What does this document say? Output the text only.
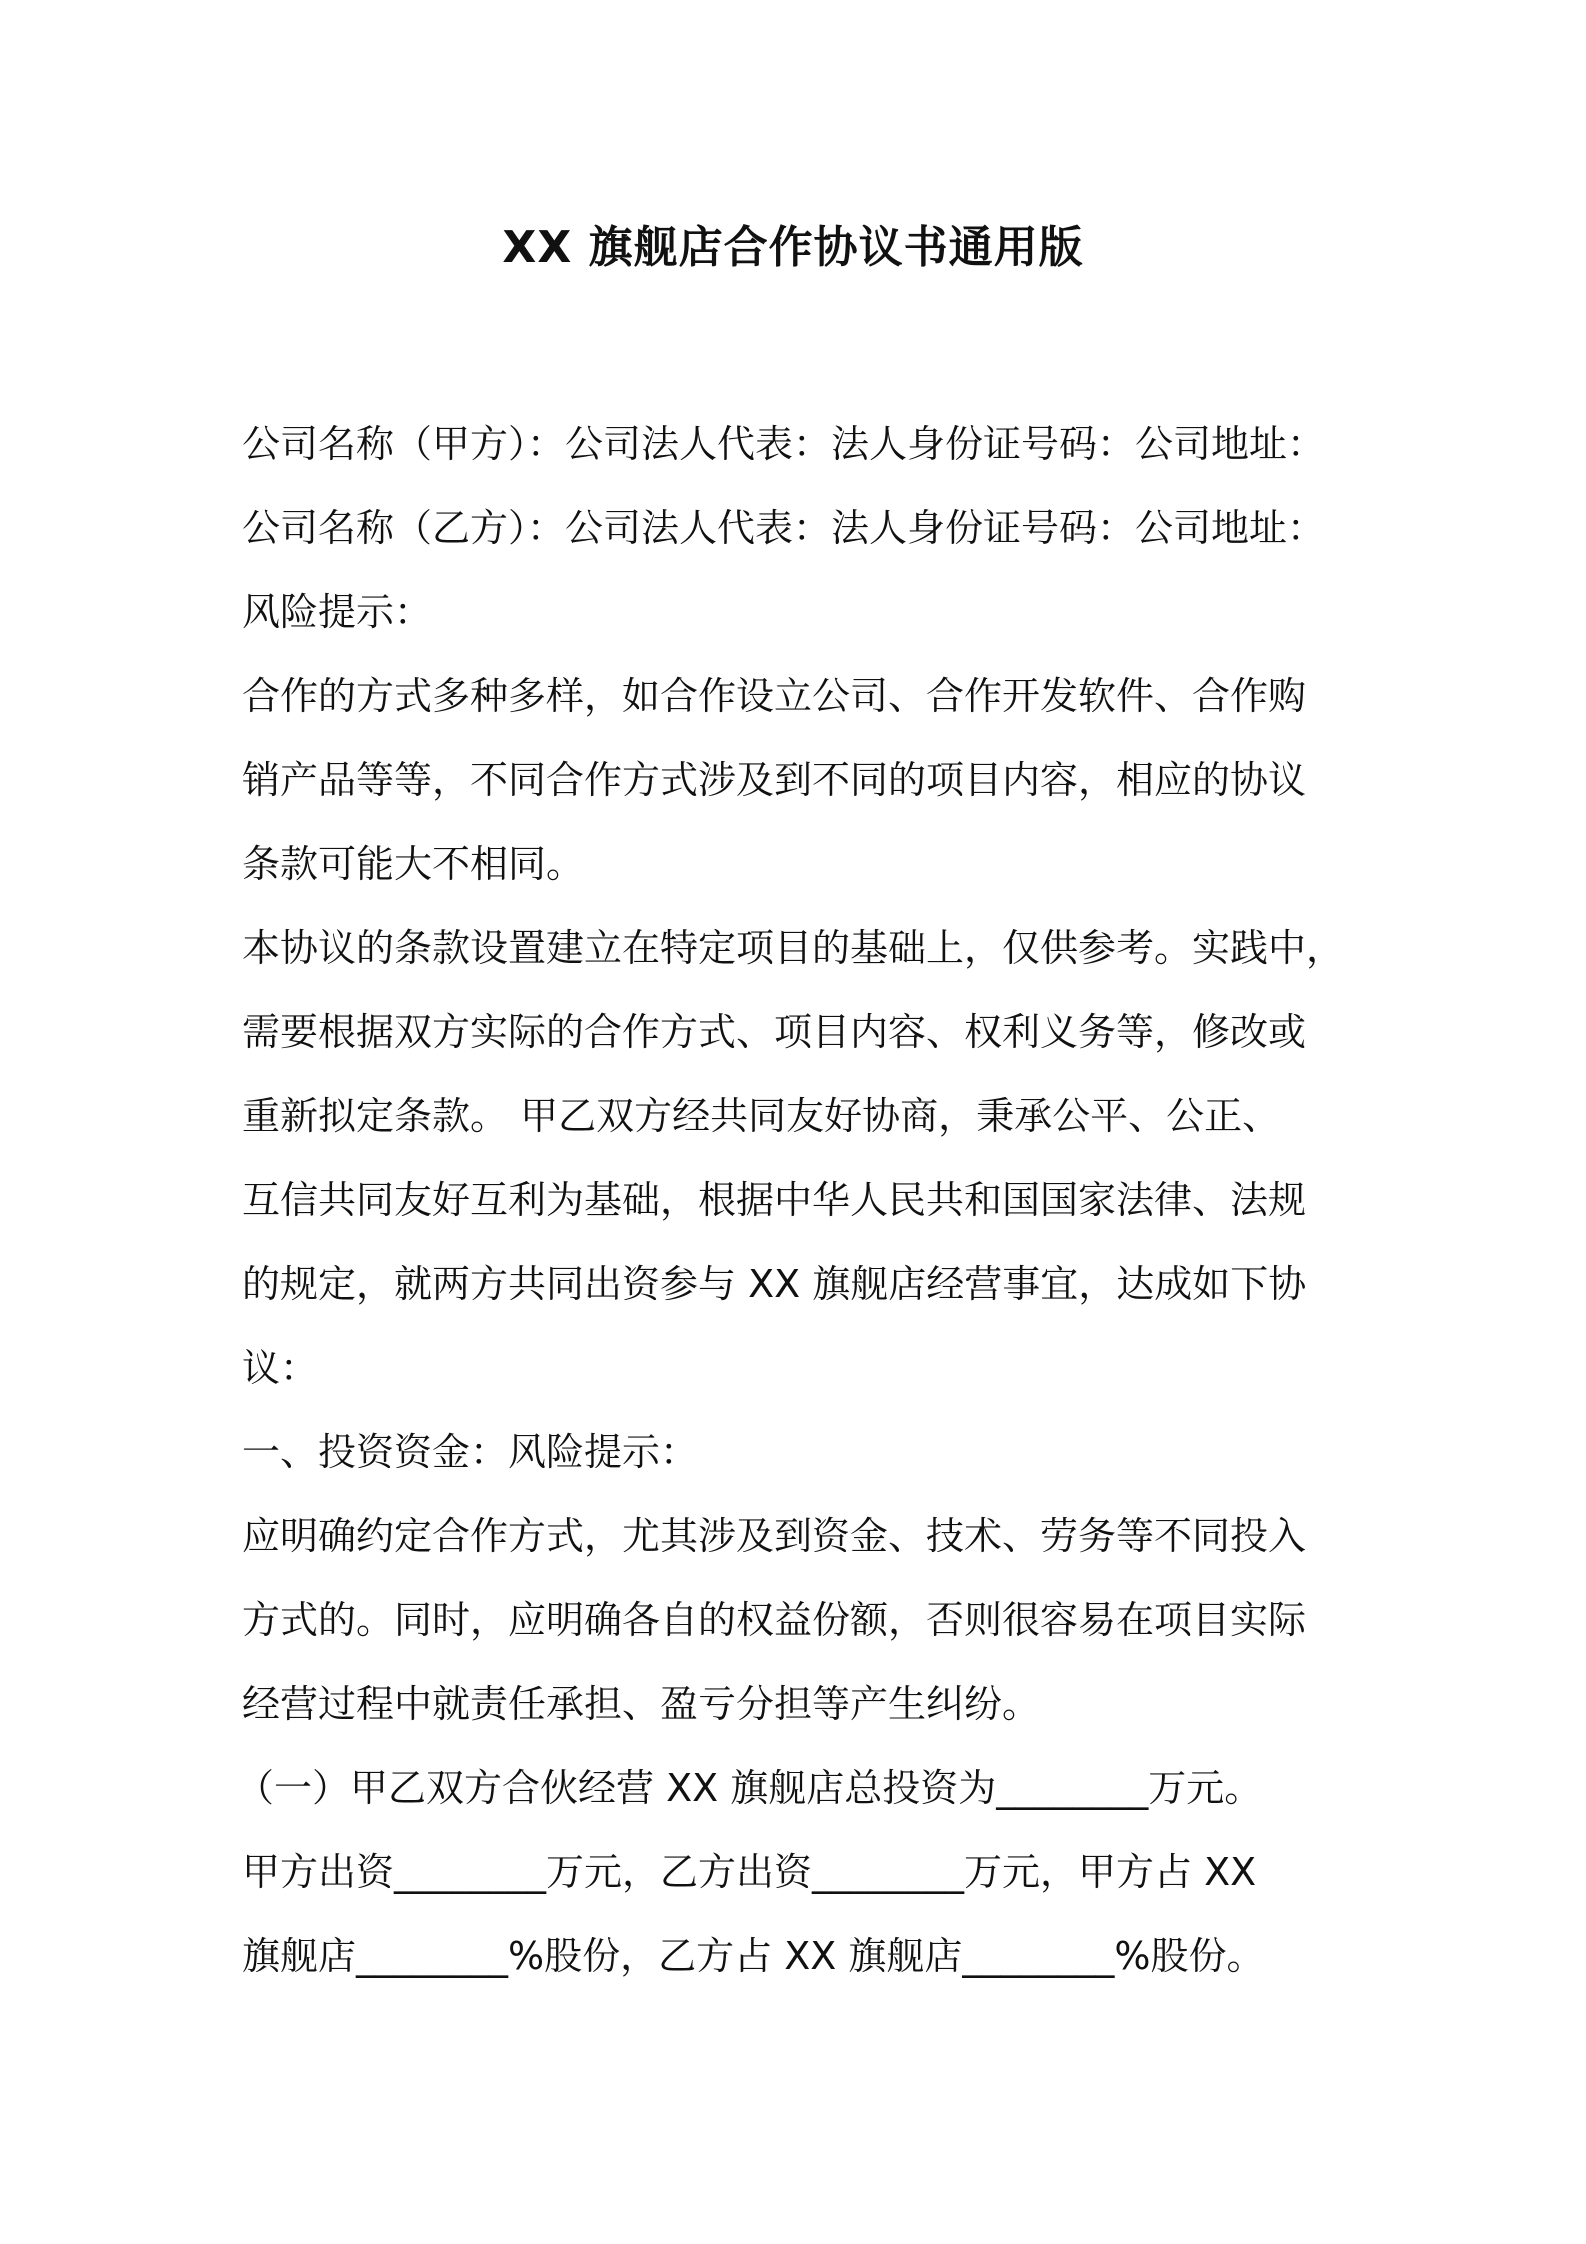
XX 旗舰店合作协议书通用版

公司名称（甲方）：公司法人代表：法人身份证号码：公司地址：

公司名称（乙方）：公司法人代表：法人身份证号码：公司地址：

风险提示：

合作的方式多种多样，如合作设立公司、合作开发软件、合作购

销产品等等，不同合作方式涉及到不同的项目内容，相应的协议

条款可能大不相同。

本协议的条款设置建立在特定项目的基础上，仅供参考。实践中，

需要根据双方实际的合作方式、项目内容、权利义务等，修改或

重新拟定条款。 甲乙双方经共同友好协商，秉承公平、公正、

互信共同友好互利为基础，根据中华人民共和国国家法律、法规

的规定，就两方共同出资参与 XX 旗舰店经营事宜，达成如下协

议：

一、投资资金：风险提示：

应明确约定合作方式，尤其涉及到资金、技术、劳务等不同投入

方式的。同时，应明确各自的权益份额，否则很容易在项目实际

经营过程中就责任承担、盈亏分担等产生纠纷。

（一）甲乙双方合伙经营 XX 旗舰店总投资为________万元。

甲方出资________万元，乙方出资________万元，甲方占 XX

旗舰店________%股份，乙方占 XX 旗舰店________%股份。
